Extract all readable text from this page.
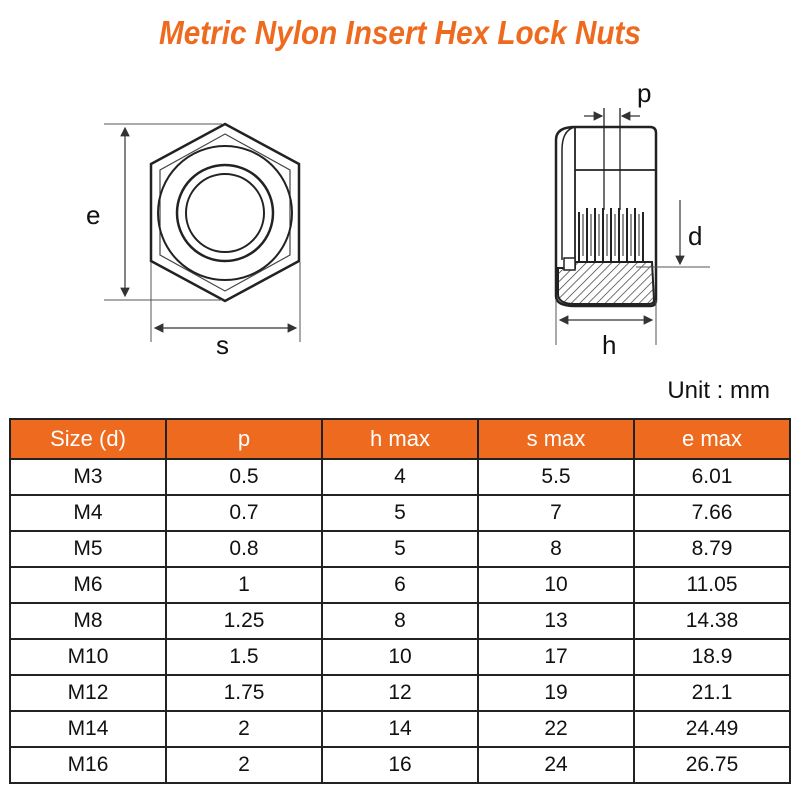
Metric Nylon Insert Hex Lock Nuts
e
s
p
d
h
Unit : mm
Size (d)	p	h max	s max	e max
M3	0.5	4	5.5	6.01
M4	0.7	5	7	7.66
M5	0.8	5	8	8.79
M6	1	6	10	11.05
M8	1.25	8	13	14.38
M10	1.5	10	17	18.9
M12	1.75	12	19	21.1
M14	2	14	22	24.49
M16	2	16	24	26.75
